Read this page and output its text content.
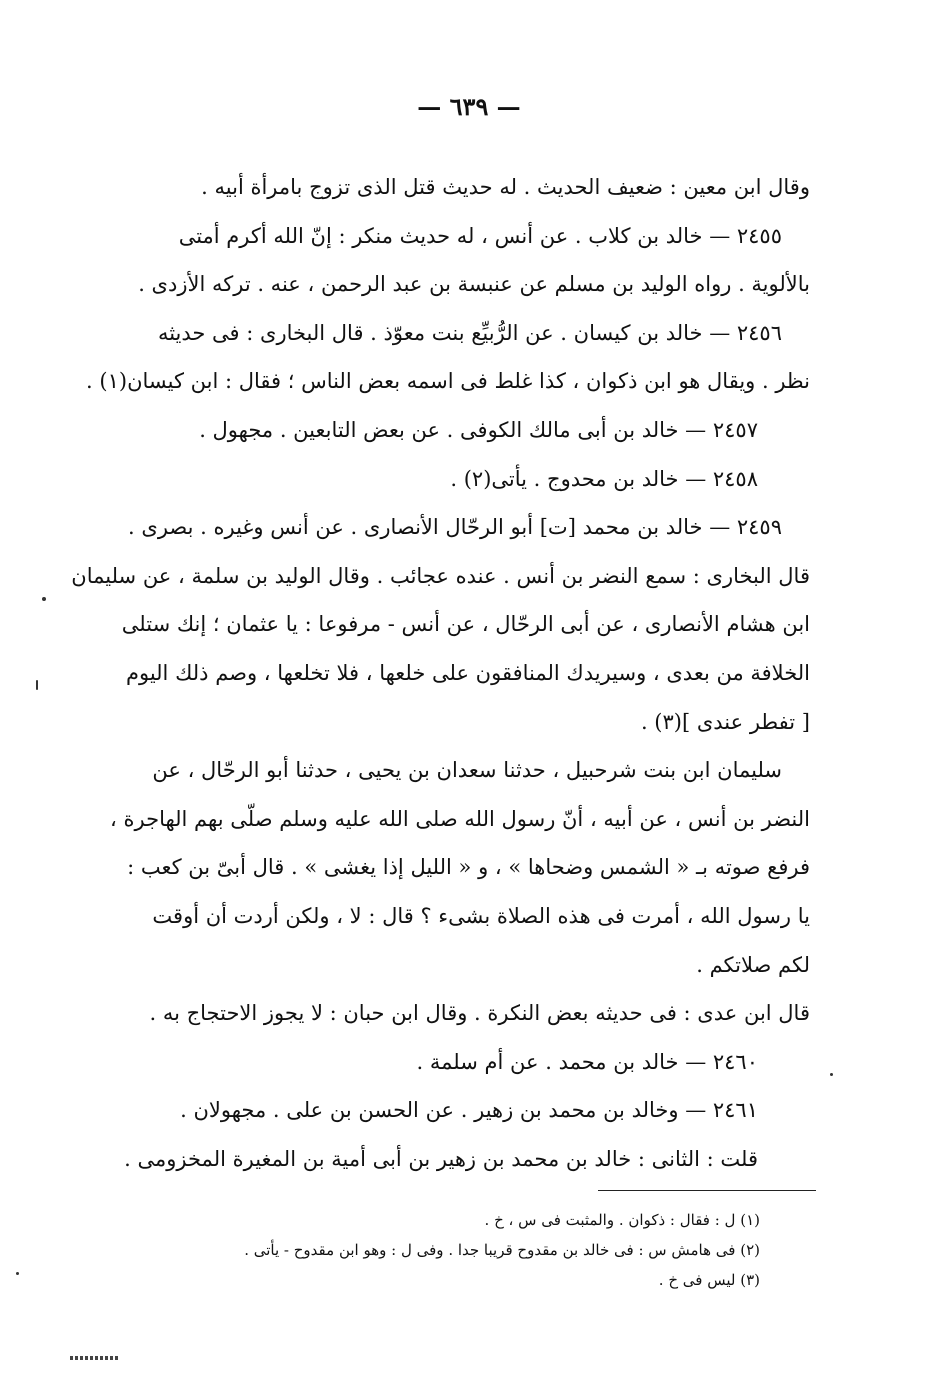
— ٦٣٩ —
وقال ابن معين : ضعيف الحديث . له حديث قتل الذى تزوج بامرأة أبيه .
٢٤٥٥ — خالد بن كلاب . عن أنس ، له حديث منكر : إنّ الله أكرم أمتى
بالألوية . رواه الوليد بن مسلم عن عنبسة بن عبد الرحمن ، عنه . تركه الأزدى .
٢٤٥٦ — خالد بن كيسان . عن الرُّبيِّع بنت معوّذ . قال البخارى : فى حديثه
نظر . ويقال هو ابن ذكوان ، كذا غلط فى اسمه بعض الناس ؛ فقال : ابن كيسان(١) .
٢٤٥٧ — خالد بن أبى مالك الكوفى . عن بعض التابعين . مجهول .
٢٤٥٨ — خالد بن محدوج . يأتى(٢) .
٢٤٥٩ — خالد بن محمد [ت] أبو الرحّال الأنصارى . عن أنس وغيره . بصرى .
قال البخارى : سمع النضر بن أنس . عنده عجائب . وقال الوليد بن سلمة ، عن سليمان
ابن هشام الأنصارى ، عن أبى الرحّال ، عن أنس - مرفوعا : يا عثمان ؛ إنك ستلى
الخلافة من بعدى ، وسيريدك المنافقون على خلعها ، فلا تخلعها ، وصم ذلك اليوم
[ تفطر عندى ](٣) .
سليمان ابن بنت شرحبيل ، حدثنا سعدان بن يحيى ، حدثنا أبو الرحّال ، عن
النضر بن أنس ، عن أبيه ، أنّ رسول الله صلى الله عليه وسلم صلّى بهم الهاجرة ،
فرفع صوته بـ « الشمس وضحاها » ، و « الليل إذا يغشى » . قال أبىّ بن كعب :
يا رسول الله ، أمرت فى هذه الصلاة بشىء ؟ قال : لا ، ولكن أردت أن أوقت
لكم صلاتكم .
قال ابن عدى : فى حديثه بعض النكرة . وقال ابن حبان : لا يجوز الاحتجاج به .
٢٤٦٠ — خالد بن محمد . عن أم سلمة .
٢٤٦١ — وخالد بن محمد بن زهير . عن الحسن بن على . مجهولان .
قلت : الثانى : خالد بن محمد بن زهير بن أبى أمية بن المغيرة المخزومى .
(١) ل : فقال : ذكوان . والمثبت فى س ، خ .
(٢) فى هامش س : فى خالد بن مقدوح قريبا جدا . وفى ل : وهو ابن مقدوح - يأتى .
(٣) ليس فى خ .
